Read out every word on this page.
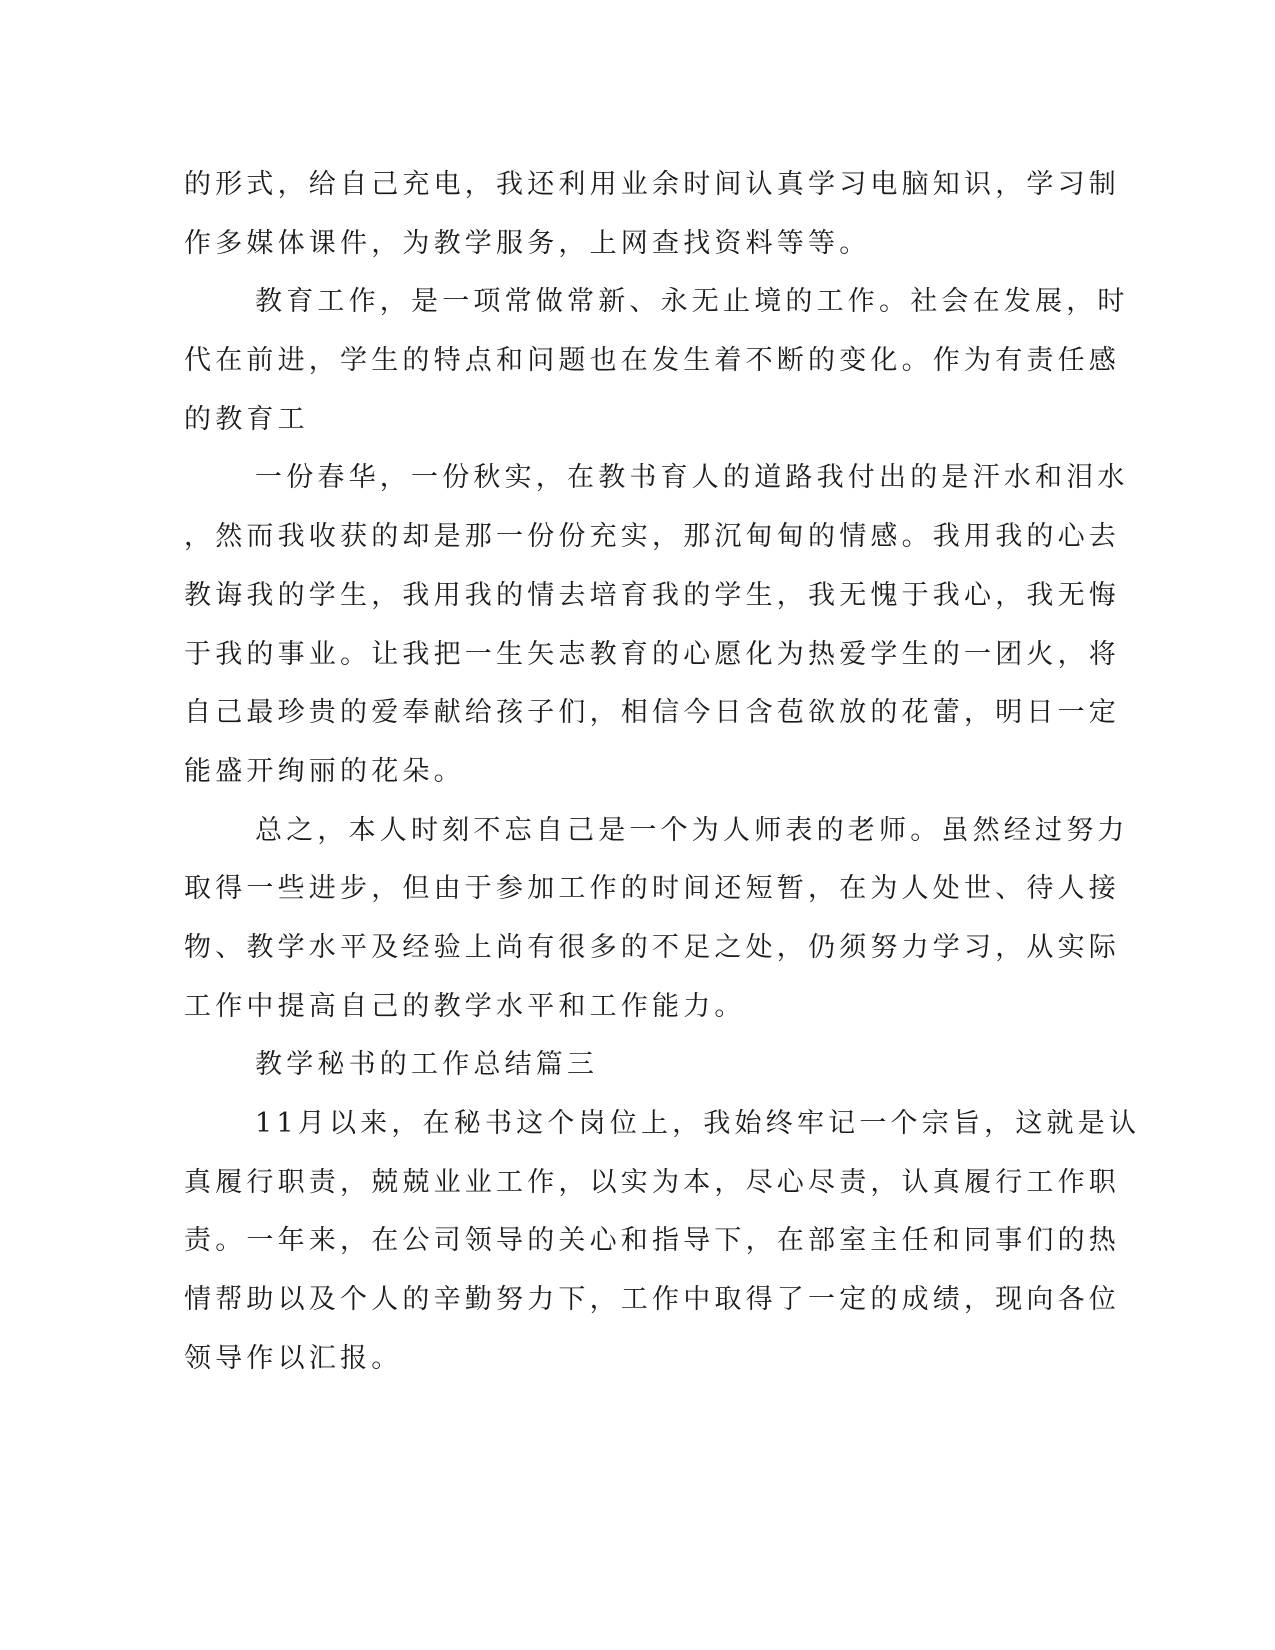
的形式，给自己充电，我还利用业余时间认真学习电脑知识，学习制
作多媒体课件，为教学服务，上网查找资料等等。
教育工作，是一项常做常新、永无止境的工作。社会在发展，时
代在前进，学生的特点和问题也在发生着不断的变化。作为有责任感
的教育工
一份春华，一份秋实，在教书育人的道路我付出的是汗水和泪水
，然而我收获的却是那一份份充实，那沉甸甸的情感。我用我的心去
教诲我的学生，我用我的情去培育我的学生，我无愧于我心，我无悔
于我的事业。让我把一生矢志教育的心愿化为热爱学生的一团火，将
自己最珍贵的爱奉献给孩子们，相信今日含苞欲放的花蕾，明日一定
能盛开绚丽的花朵。
总之，本人时刻不忘自己是一个为人师表的老师。虽然经过努力
取得一些进步，但由于参加工作的时间还短暂，在为人处世、待人接
物、教学水平及经验上尚有很多的不足之处，仍须努力学习，从实际
工作中提高自己的教学水平和工作能力。
教学秘书的工作总结篇三
11月以来，在秘书这个岗位上，我始终牢记一个宗旨，这就是认
真履行职责，兢兢业业工作，以实为本，尽心尽责，认真履行工作职
责。一年来，在公司领导的关心和指导下，在部室主任和同事们的热
情帮助以及个人的辛勤努力下，工作中取得了一定的成绩，现向各位
领导作以汇报。
